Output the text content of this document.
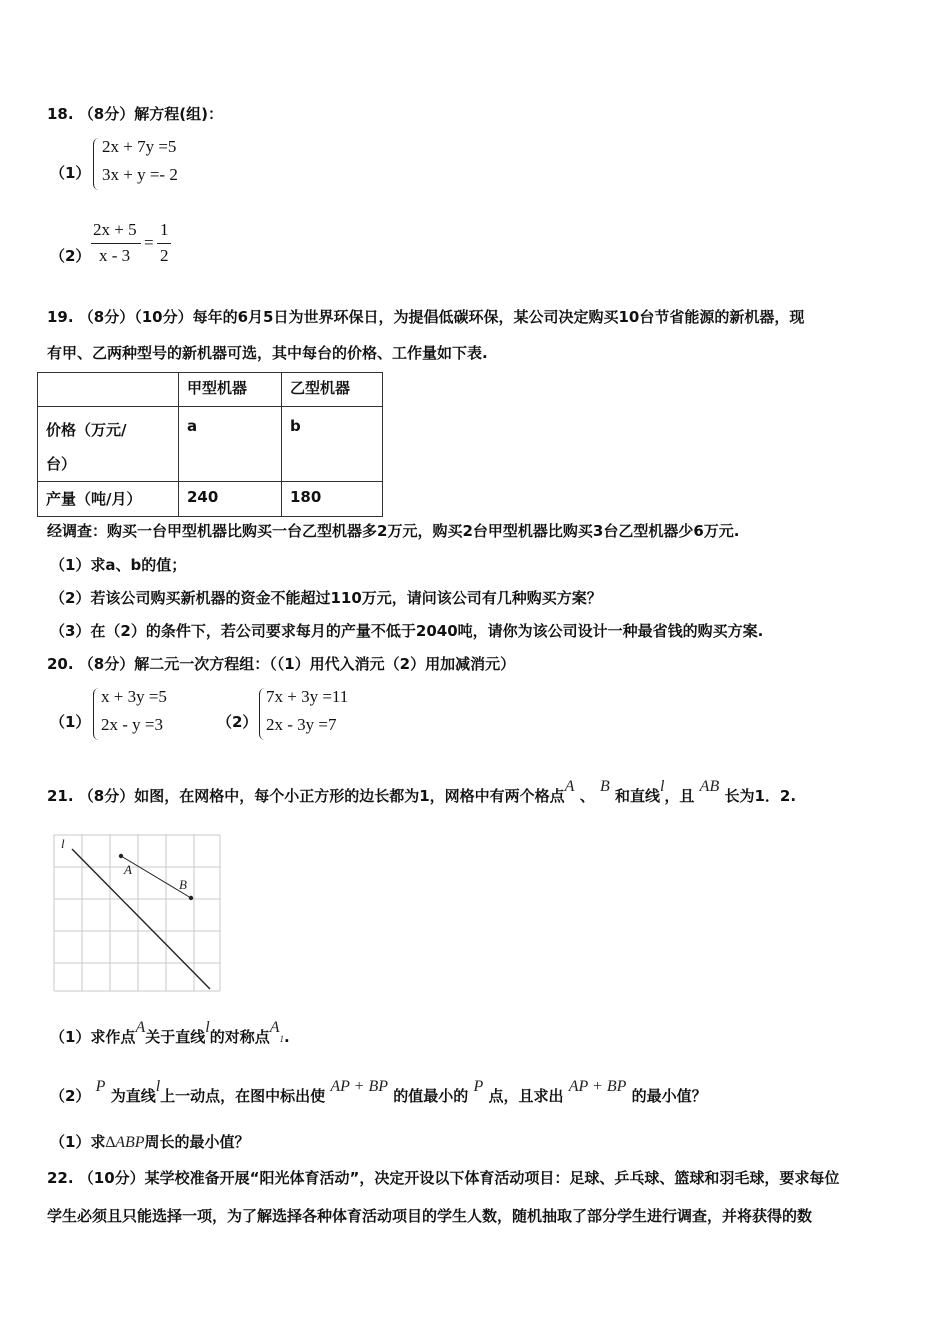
18. （8分）解方程(组)：
（1）
2x + 7y =5
3x + y =- 2
（2）
2x + 5
x - 3
=
1
2
19. （8分）（10分）每年的6月5日为世界环保日，为提倡低碳环保，某公司决定购买10台节省能源的新机器，现
有甲、乙两种型号的新机器可选，其中每台的价格、工作量如下表.
	甲型机器	乙型机器

价格（万元/
台）	a	b
产量（吨/月）	240	180
经调查：购买一台甲型机器比购买一台乙型机器多2万元，购买2台甲型机器比购买3台乙型机器少6万元.
（1）求a、b的值；
（2）若该公司购买新机器的资金不能超过110万元，请问该公司有几种购买方案？
（3）在（2）的条件下，若公司要求每月的产量不低于2040吨，请你为该公司设计一种最省钱的购买方案.
20. （8分）解二元一次方程组：（（1）用代入消元（2）用加减消元）
（1）
x + 3y =5
2x - y =3	（2）
7x + 3y =11
2x - 3y =7
21. （8分）如图，在网格中，每个小正方形的边长都为1，网格中有两个格点A 、 B 和直线l，且 AB 长为1．2.
l
A
B
（1）求作点A关于直线l的对称点A1.
（2） P 为直线l上一动点，在图中标出使 AP + BP 的值最小的 P 点，且求出 AP + BP 的最小值？
（1）求∆ABP周长的最小值？
22. （10分）某学校准备开展“阳光体育活动”，决定开设以下体育活动项目：足球、乒乓球、篮球和羽毛球，要求每位
学生必须且只能选择一项，为了解选择各种体育活动项目的学生人数，随机抽取了部分学生进行调查，并将获得的数
